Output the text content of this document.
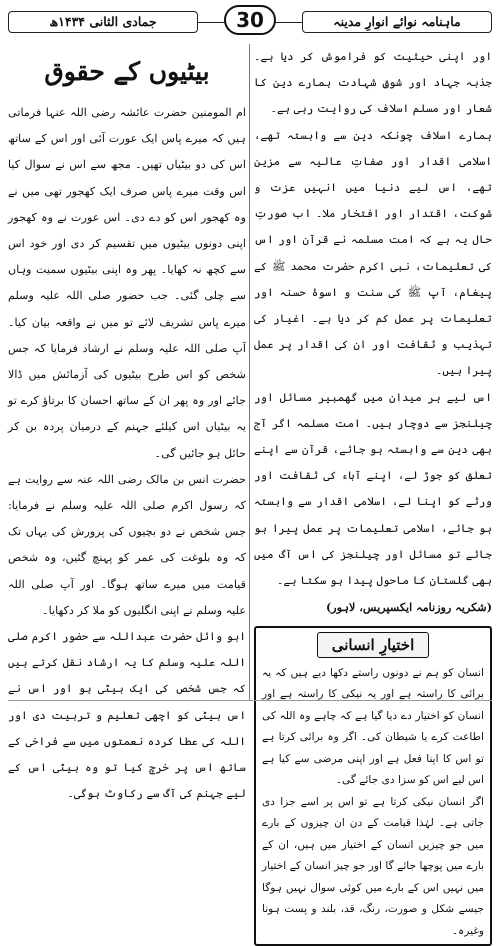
جمادی الثانی ۱۴۳۴ھ	30	ماہنامہ نوائے انوارِ مدینہ

اور اپنی حیثیت کو فراموش کر دیا ہے۔ جذبہ جہاد اور شوقِ شہادت ہمارے دین کا شعار اور مسلم اسلاف کی روایت رہی ہے۔

ہمارے اسلاف چونکہ دین سے وابستہ تھے، اسلامی اقدار اور صفاتِ عالیہ سے مزین تھے، اس لیے دنیا میں انہیں عزت و شوکت، اقتدار اور افتخار ملا۔ اب صورتِ حال یہ ہے کہ امت مسلمہ نے قرآن اور اس کی تعلیمات، نبی اکرم حضرت محمد ﷺ کے پیغام، آپ ﷺ کی سنت و اسوۂ حسنہ اور تعلیمات پر عمل کم کر دیا ہے۔ اغیار کی تہذیب و ثقافت اور ان کی اقدار پر عمل پیرا ہیں۔

اس لیے ہر میدان میں گھمبیر مسائل اور چیلنجز سے دوچار ہیں۔ امت مسلمہ اگر آج بھی دین سے وابستہ ہو جائے، قرآن سے اپنے تعلق کو جوڑ لے، اپنے آباء کی ثقافت اور ورثے کو اپنا لے، اسلامی اقدار سے وابستہ ہو جائے، اسلامی تعلیمات پر عمل پیرا ہو جائے تو مسائل اور چیلنجز کی اس آگ میں بھی گلستان کا ماحول پیدا ہو سکتا ہے۔

(شکریہ روزنامہ ایکسپریس، لاہور)

اختیارِ انسانی

انسان کو ہم نے دونوں راستے دکھا دیے ہیں کہ یہ برائی کا راستہ ہے اور یہ نیکی کا راستہ ہے اور انسان کو اختیار دے دیا گیا ہے کہ چاہے وہ اللہ کی اطاعت کرے یا شیطان کی۔ اگر وہ برائی کرتا ہے تو اس کا اپنا فعل ہے اور اپنی مرضی سے کیا ہے اس لیے اس کو سزا دی جائے گی۔

اگر انسان نیکی کرتا ہے تو اس پر اسے جزا دی جاتی ہے۔ لہٰذا قیامت کے دن ان چیزوں کے بارے میں جو چیزیں انسان کے اختیار میں ہیں، ان کے بارے میں پوچھا جائے گا اور جو چیز انسان کے اختیار میں نہیں اس کے بارے میں کوئی سوال نہیں ہوگا جیسے شکل و صورت، رنگ، قد، بلند و پست ہونا وغیرہ۔

بیٹیوں کے حقوق

ام المومنین حضرت عائشہ رضی اللہ عنہا فرماتی ہیں کہ میرے پاس ایک عورت آئی اور اس کے ساتھ اس کی دو بیٹیاں تھیں۔ مجھ سے اس نے سوال کیا اس وقت میرے پاس صرف ایک کھجور تھی میں نے وہ کھجور اس کو دے دی۔ اس عورت نے وہ کھجور اپنی دونوں بیٹیوں میں تقسیم کر دی اور خود اس سے کچھ نہ کھایا۔ پھر وہ اپنی بیٹیوں سمیت وہاں سے چلی گئی۔ جب حضور صلی اللہ علیہ وسلم میرے پاس تشریف لائے تو میں نے واقعہ بیان کیا۔ آپ صلی اللہ علیہ وسلم نے ارشاد فرمایا کہ جس شخص کو اس طرح بیٹیوں کی آزمائش میں ڈالا جائے اور وہ پھر ان کے ساتھ احسان کا برتاؤ کرے تو یہ بیٹیاں اس کیلئے جہنم کے درمیان پردہ بن کر حائل ہو جائیں گی۔

حضرت انس بن مالک رضی اللہ عنہ سے روایت ہے کہ رسول اکرم صلی اللہ علیہ وسلم نے فرمایا: جس شخص نے دو بچیوں کی پرورش کی یہاں تک کہ وہ بلوغت کی عمر کو پہنچ گئیں، وہ شخص قیامت میں میرے ساتھ ہوگا۔ اور آپ صلی اللہ علیہ وسلم نے اپنی انگلیوں کو ملا کر دکھایا۔

ابو وائل حضرت عبداللہ سے حضور اکرم صلی اللہ علیہ وسلم کا یہ ارشاد نقل کرتے ہیں کہ جس شخص کی ایک بیٹی ہو اور اس نے اس بیٹی کو اچھی تعلیم و تربیت دی اور اللہ کی عطا کردہ نعمتوں میں سے فراخی کے ساتھ اس پر خرچ کیا تو وہ بیٹی اس کے لیے جہنم کی آگ سے رکاوٹ ہوگی۔
